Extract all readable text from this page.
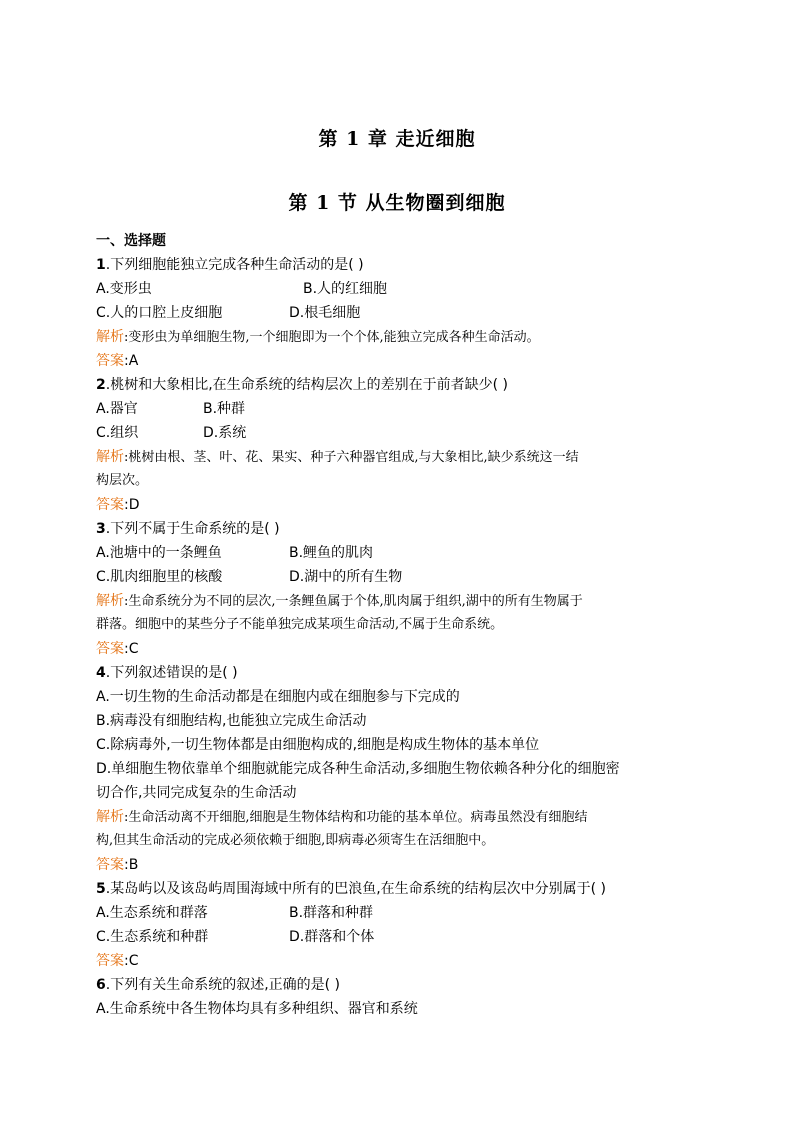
第 1 章 走近细胞
第 1 节 从生物圈到细胞
一、选择题
1.下列细胞能独立完成各种生命活动的是( )
A.变形虫	B.人的红细胞
C.人的口腔上皮细胞	D.根毛细胞
解析:变形虫为单细胞生物,一个细胞即为一个个体,能独立完成各种生命活动。
答案:A
2.桃树和大象相比,在生命系统的结构层次上的差别在于前者缺少( )
A.器官	B.种群
C.组织	D.系统
解析:桃树由根、茎、叶、花、果实、种子六种器官组成,与大象相比,缺少系统这一结
构层次。
答案:D
3.下列不属于生命系统的是( )
A.池塘中的一条鲤鱼	B.鲤鱼的肌肉
C.肌肉细胞里的核酸	D.湖中的所有生物
解析:生命系统分为不同的层次,一条鲤鱼属于个体,肌肉属于组织,湖中的所有生物属于
群落。细胞中的某些分子不能单独完成某项生命活动,不属于生命系统。
答案:C
4.下列叙述错误的是( )
A.一切生物的生命活动都是在细胞内或在细胞参与下完成的
B.病毒没有细胞结构,也能独立完成生命活动
C.除病毒外,一切生物体都是由细胞构成的,细胞是构成生物体的基本单位
D.单细胞生物依靠单个细胞就能完成各种生命活动,多细胞生物依赖各种分化的细胞密
切合作,共同完成复杂的生命活动
解析:生命活动离不开细胞,细胞是生物体结构和功能的基本单位。病毒虽然没有细胞结
构,但其生命活动的完成必须依赖于细胞,即病毒必须寄生在活细胞中。
答案:B
5.某岛屿以及该岛屿周围海域中所有的巴浪鱼,在生命系统的结构层次中分别属于( )
A.生态系统和群落	B.群落和种群
C.生态系统和种群	D.群落和个体
答案:C
6.下列有关生命系统的叙述,正确的是( )
A.生命系统中各生物体均具有多种组织、器官和系统
